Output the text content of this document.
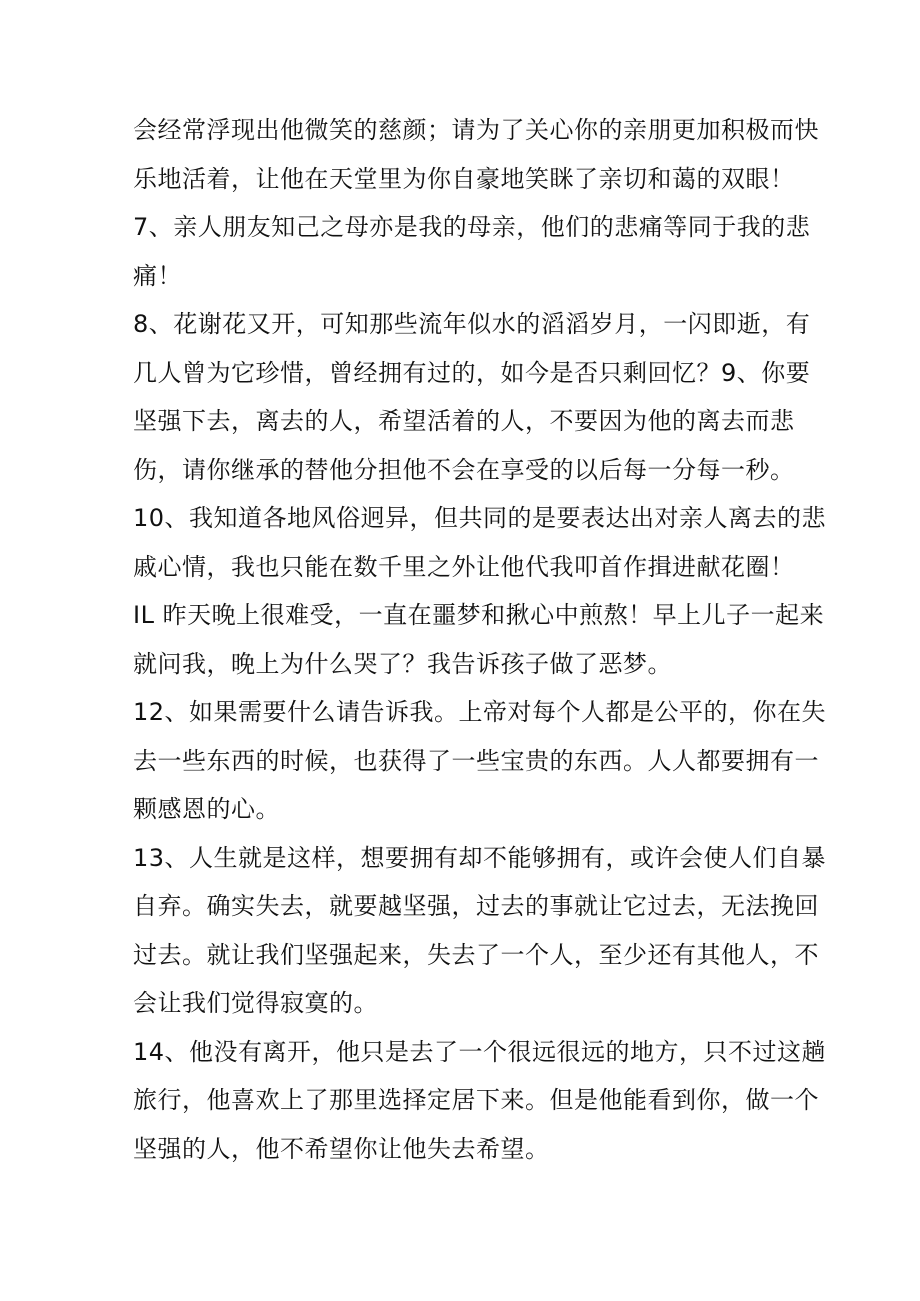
会经常浮现出他微笑的慈颜；请为了关心你的亲朋更加积极而快
乐地活着，让他在天堂里为你自豪地笑眯了亲切和蔼的双眼！
7、亲人朋友知己之母亦是我的母亲，他们的悲痛等同于我的悲
痛！
8、花谢花又开，可知那些流年似水的滔滔岁月，一闪即逝，有
几人曾为它珍惜，曾经拥有过的，如今是否只剩回忆？9、你要
坚强下去，离去的人，希望活着的人，不要因为他的离去而悲
伤，请你继承的替他分担他不会在享受的以后每一分每一秒。
10、我知道各地风俗迥异，但共同的是要表达出对亲人离去的悲
戚心情，我也只能在数千里之外让他代我叩首作揖进献花圈！
IL 昨天晚上很难受，一直在噩梦和揪心中煎熬！早上儿子一起来
就问我，晚上为什么哭了？我告诉孩子做了恶梦。
12、如果需要什么请告诉我。上帝对每个人都是公平的，你在失
去一些东西的时候，也获得了一些宝贵的东西。人人都要拥有一
颗感恩的心。
13、人生就是这样，想要拥有却不能够拥有，或许会使人们自暴
自弃。确实失去，就要越坚强，过去的事就让它过去，无法挽回
过去。就让我们坚强起来，失去了一个人，至少还有其他人，不
会让我们觉得寂寞的。
14、他没有离开，他只是去了一个很远很远的地方，只不过这趟
旅行，他喜欢上了那里选择定居下来。但是他能看到你，做一个
坚强的人，他不希望你让他失去希望。
